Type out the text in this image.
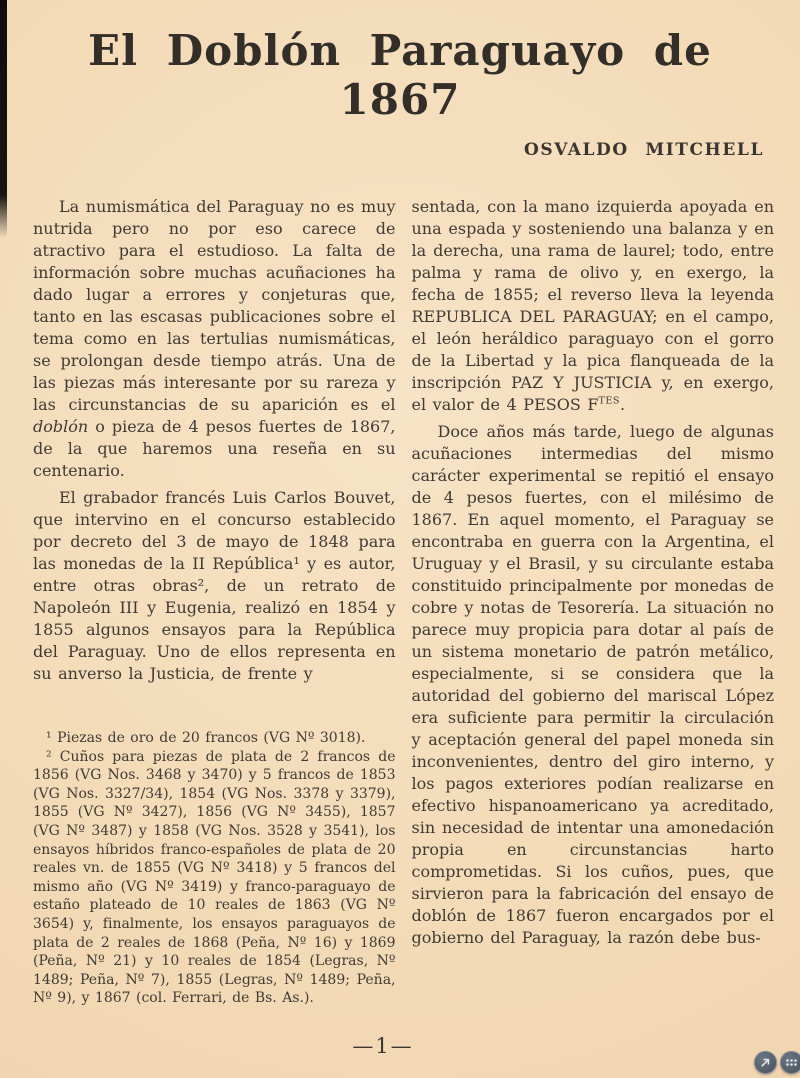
El Doblón Paraguayo de 1867
OSVALDO MITCHELL

La numismática del Paraguay no es muy nutrida pero no por eso carece de atractivo para el estudioso. La falta de información sobre muchas acuñaciones ha dado lugar a errores y conjeturas que, tanto en las escasas publicaciones sobre el tema como en las tertulias numismáticas, se prolongan desde tiempo atrás. Una de las piezas más interesante por su rareza y las circunstancias de su aparición es el doblón o pieza de 4 pesos fuertes de 1867, de la que haremos una reseña en su centenario.

El grabador francés Luis Carlos Bouvet, que intervino en el concurso establecido por decreto del 3 de mayo de 1848 para las monedas de la II República¹ y es autor, entre otras obras², de un retrato de Napoleón III y Eugenia, realizó en 1854 y 1855 algunos ensayos para la República del Paraguay. Uno de ellos representa en su anverso la Justicia, de frente y

¹ Piezas de oro de 20 francos (VG Nº 3018).

² Cuños para piezas de plata de 2 francos de 1856 (VG Nos. 3468 y 3470) y 5 francos de 1853 (VG Nos. 3327/34), 1854 (VG Nos. 3378 y 3379), 1855 (VG Nº 3427), 1856 (VG Nº 3455), 1857 (VG Nº 3487) y 1858 (VG Nos. 3528 y 3541), los ensayos híbridos franco-españoles de plata de 20 reales vn. de 1855 (VG Nº 3418) y 5 francos del mismo año (VG Nº 3419) y franco-paraguayo de estaño plateado de 10 reales de 1863 (VG Nº 3654) y, finalmente, los ensayos paraguayos de plata de 2 reales de 1868 (Peña, Nº 16) y 1869 (Peña, Nº 21) y 10 reales de 1854 (Legras, Nº 1489; Peña, Nº 7), 1855 (Legras, Nº 1489; Peña, Nº 9), y 1867 (col. Ferrari, de Bs. As.).

sentada, con la mano izquierda apoyada en una espada y sosteniendo una balanza y en la derecha, una rama de laurel; todo, entre palma y rama de olivo y, en exergo, la fecha de 1855; el reverso lleva la leyenda REPUBLICA DEL PARAGUAY; en el campo, el león heráldico paraguayo con el gorro de la Libertad y la pica flanqueada de la inscripción PAZ Y JUSTICIA y, en exergo, el valor de 4 PESOS $F^{TES}$.

Doce años más tarde, luego de algunas acuñaciones intermedias del mismo carácter experimental se repitió el ensayo de 4 pesos fuertes, con el milésimo de 1867. En aquel momento, el Paraguay se encontraba en guerra con la Argentina, el Uruguay y el Brasil, y su circulante estaba constituido principalmente por monedas de cobre y notas de Tesorería. La situación no parece muy propicia para dotar al país de un sistema monetario de patrón metálico, especialmente, si se considera que la autoridad del gobierno del mariscal López era suficiente para permitir la circulación y aceptación general del papel moneda sin inconvenientes, dentro del giro interno, y los pagos exteriores podían realizarse en efectivo hispanoamericano ya acreditado, sin necesidad de intentar una amonedación propia en circunstancias harto comprometidas. Si los cuños, pues, que sirvieron para la fabricación del ensayo de doblón de 1867 fueron encargados por el gobierno del Paraguay, la razón debe bus-

—1—
